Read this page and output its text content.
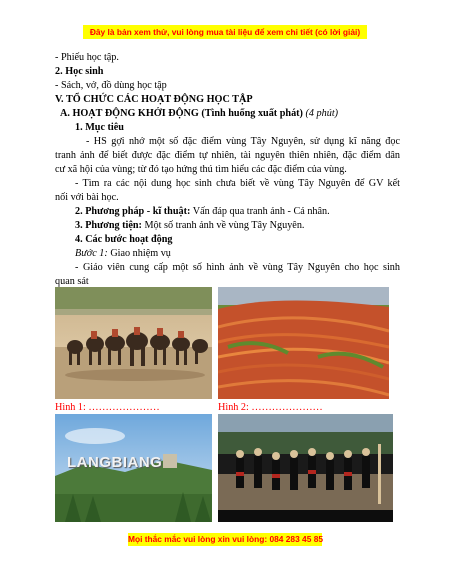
Đây là bản xem thử, vui lòng mua tài liệu để xem chi tiết (có lời giải)
- Phiếu học tập.
2. Học sinh
- Sách, vở, đồ dùng học tập
V. TỔ CHỨC CÁC HOẠT ĐỘNG HỌC TẬP
A. HOẠT ĐỘNG KHỞI ĐỘNG (Tình huống xuất phát) (4 phút)
1. Mục tiêu
- HS gợi nhớ một số đặc điểm vùng Tây Nguyên, sử dụng kĩ năng đọc
tranh ảnh để biết được đặc điểm tự nhiên, tài nguyên thiên nhiên, đặc điểm dân
cư xã hội của vùng; từ đó tạo hứng thú tìm hiểu các đặc điểm của vùng.
- Tìm ra các nội dung học sinh chưa biết về vùng Tây Nguyên để GV kết
nối với bài học.
2. Phương pháp - kĩ thuật: Vấn đáp qua tranh ảnh - Cá nhân.
3. Phương tiện: Một số tranh ảnh về vùng Tây Nguyên.
4. Các bước hoạt động
Bước 1: Giao nhiệm vụ
- Giáo viên cung cấp một số hình ảnh về vùng Tây Nguyên cho học sinh
quan sát
Hình 1: …………………	Hình 2: …………………
LANGBIANG
Mọi thắc mắc vui lòng xin vui lòng: 084 283 45 85
